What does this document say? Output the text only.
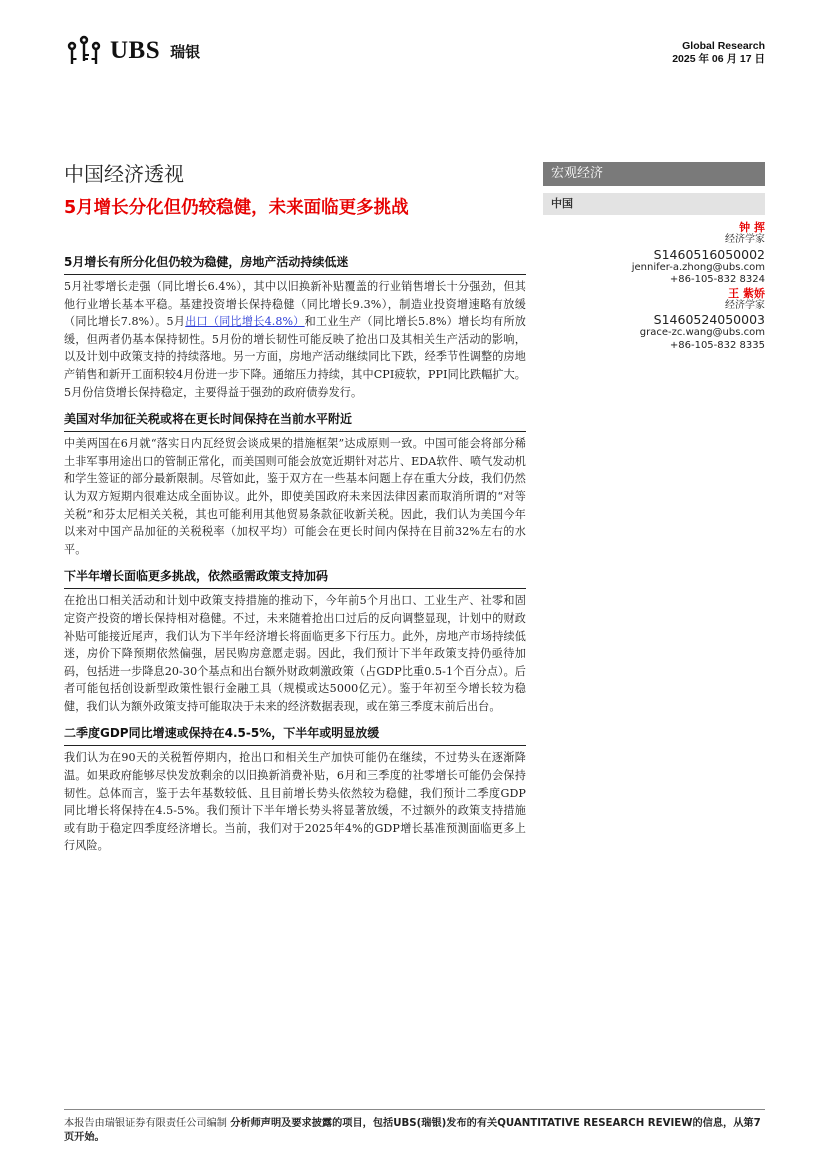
UBS 瑞银	Global Research
2025 年 06 月 17 日
中国经济透视
5月增长分化但仍较稳健，未来面临更多挑战
宏观经济
中国
钟 挥
经济学家
S1460516050002
jennifer-a.zhong@ubs.com
+86-105-832 8324
王 紫娇
经济学家
S1460524050003
grace-zc.wang@ubs.com
+86-105-832 8335

5月增长有所分化但仍较为稳健，房地产活动持续低迷

5月社零增长走强（同比增长6.4%），其中以旧换新补贴覆盖的行业销售增长十分强劲，但其他行业增长基本平稳。基建投资增长保持稳健（同比增长9.3%），制造业投资增速略有放缓（同比增长7.8%）。5月出口（同比增长4.8%）和工业生产（同比增长5.8%）增长均有所放缓，但两者仍基本保持韧性。5月份的增长韧性可能反映了抢出口及其相关生产活动的影响，以及计划中政策支持的持续落地。另一方面，房地产活动继续同比下跌，经季节性调整的房地产销售和新开工面积较4月份进一步下降。通缩压力持续，其中CPI疲软，PPI同比跌幅扩大。5月份信贷增长保持稳定，主要得益于强劲的政府债券发行。

美国对华加征关税或将在更长时间保持在当前水平附近

中美两国在6月就“落实日内瓦经贸会谈成果的措施框架”达成原则一致。中国可能会将部分稀土非军事用途出口的管制正常化，而美国则可能会放宽近期针对芯片、EDA软件、喷气发动机和学生签证的部分最新限制。尽管如此，鉴于双方在一些基本问题上存在重大分歧，我们仍然认为双方短期内很难达成全面协议。此外，即使美国政府未来因法律因素而取消所谓的“对等关税”和芬太尼相关关税，其也可能利用其他贸易条款征收新关税。因此，我们认为美国今年以来对中国产品加征的关税税率（加权平均）可能会在更长时间内保持在目前32%左右的水平。

下半年增长面临更多挑战，依然亟需政策支持加码

在抢出口相关活动和计划中政策支持措施的推动下，今年前5个月出口、工业生产、社零和固定资产投资的增长保持相对稳健。不过，未来随着抢出口过后的反向调整显现，计划中的财政补贴可能接近尾声，我们认为下半年经济增长将面临更多下行压力。此外，房地产市场持续低迷，房价下降预期依然偏强，居民购房意愿走弱。因此，我们预计下半年政策支持仍亟待加码，包括进一步降息20-30个基点和出台额外财政刺激政策（占GDP比重0.5-1个百分点）。后者可能包括创设新型政策性银行金融工具（规模或达5000亿元）。鉴于年初至今增长较为稳健，我们认为额外政策支持可能取决于未来的经济数据表现，或在第三季度末前后出台。

二季度GDP同比增速或保持在4.5-5%，下半年或明显放缓

我们认为在90天的关税暂停期内，抢出口和相关生产加快可能仍在继续，不过势头在逐渐降温。如果政府能够尽快发放剩余的以旧换新消费补贴，6月和三季度的社零增长可能仍会保持韧性。总体而言，鉴于去年基数较低、且目前增长势头依然较为稳健，我们预计二季度GDP同比增长将保持在4.5-5%。我们预计下半年增长势头将显著放缓，不过额外的政策支持措施或有助于稳定四季度经济增长。当前，我们对于2025年4%的GDP增长基准预测面临更多上行风险。

本报告由瑞银证券有限责任公司编制 分析师声明及要求披露的项目，包括UBS(瑞银)发布的有关QUANTITATIVE RESEARCH REVIEW的信息，从第7 页开始。
